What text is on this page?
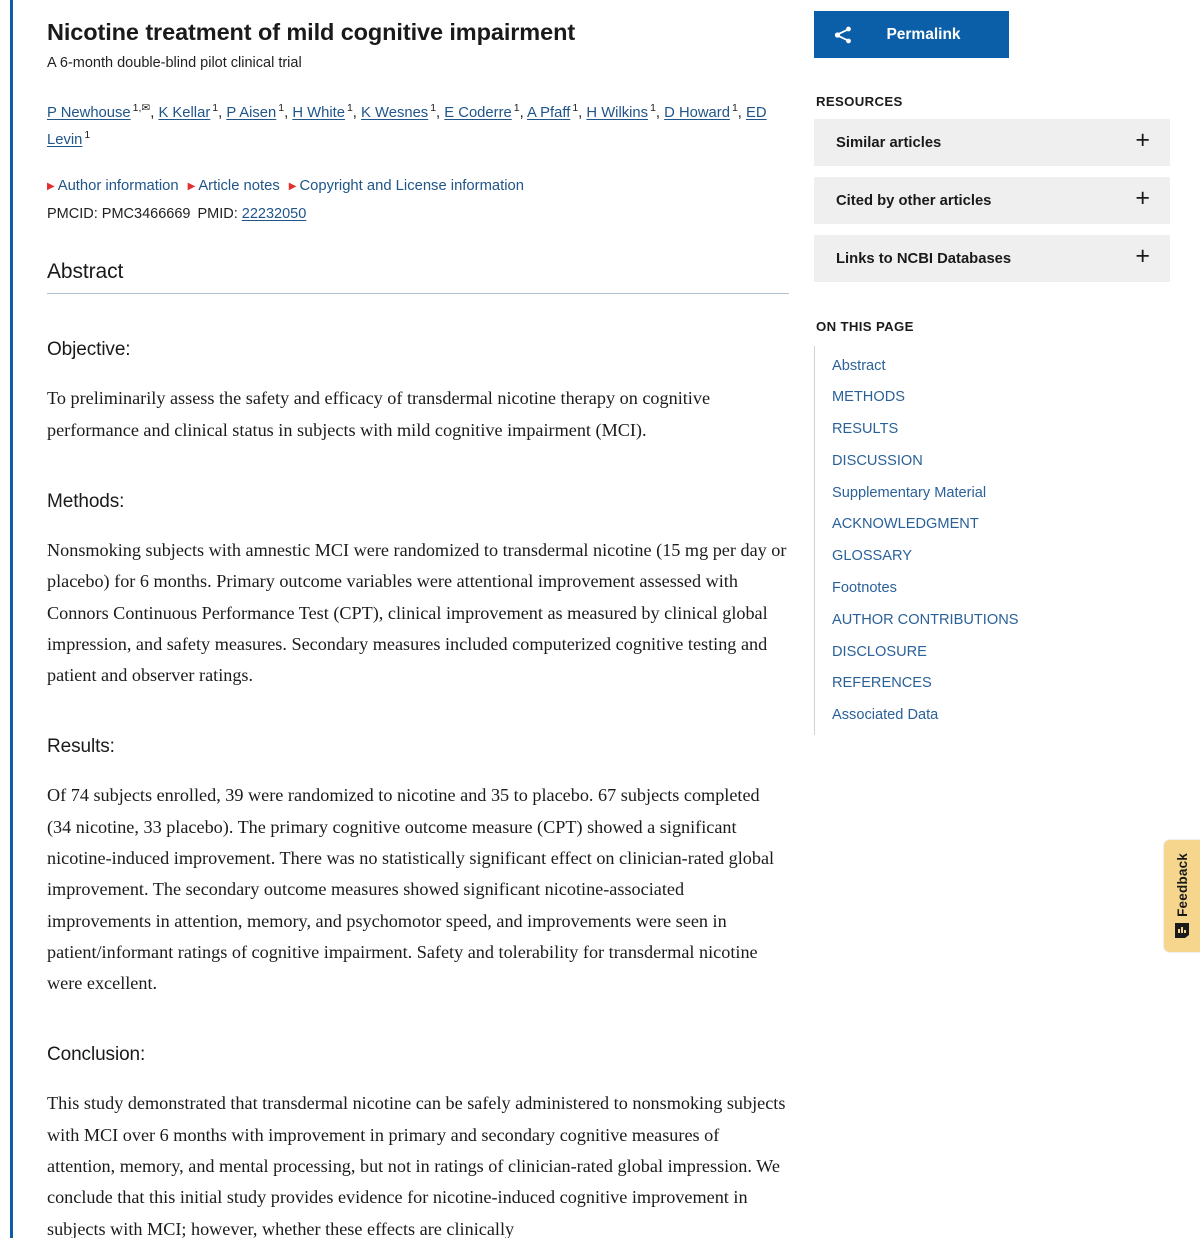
Nicotine treatment of mild cognitive impairment
A 6-month double-blind pilot clinical trial
P Newhouse $^{1,✉}$, K Kellar $^1$, P Aisen $^1$, H White $^1$, K Wesnes $^1$, E Coderre $^1$, A Pfaff $^1$, H Wilkins $^1$, D Howard $^1$, ED Levin $^1$
▶ Author information ▶ Article notes ▶ Copyright and License information
PMCID: PMC3466669 PMID: 22232050
Abstract
Objective:

To preliminarily assess the safety and efficacy of transdermal nicotine therapy on cognitive performance and clinical status in subjects with mild cognitive impairment (MCI).

Methods:

Nonsmoking subjects with amnestic MCI were randomized to transdermal nicotine (15 mg per day or placebo) for 6 months. Primary outcome variables were attentional improvement assessed with Connors Continuous Performance Test (CPT), clinical improvement as measured by clinical global impression, and safety measures. Secondary measures included computerized cognitive testing and patient and observer ratings.

Results:

Of 74 subjects enrolled, 39 were randomized to nicotine and 35 to placebo. 67 subjects completed (34 nicotine, 33 placebo). The primary cognitive outcome measure (CPT) showed a significant nicotine-induced improvement. There was no statistically significant effect on clinician-rated global improvement. The secondary outcome measures showed significant nicotine-associated improvements in attention, memory, and psychomotor speed, and improvements were seen in patient/informant ratings of cognitive impairment. Safety and tolerability for transdermal nicotine were excellent.

Conclusion:

This study demonstrated that transdermal nicotine can be safely administered to nonsmoking subjects with MCI over 6 months with improvement in primary and secondary cognitive measures of attention, memory, and mental processing, but not in ratings of clinician-rated global impression. We conclude that this initial study provides evidence for nicotine-induced cognitive improvement in subjects with MCI; however, whether these effects are clinically

Permalink
RESOURCES
Similar articles	+
Cited by other articles	+
Links to NCBI Databases	+
ON THIS PAGE
Abstract
METHODS
RESULTS
DISCUSSION
Supplementary Material
ACKNOWLEDGMENT
GLOSSARY
Footnotes
AUTHOR CONTRIBUTIONS
DISCLOSURE
REFERENCES
Associated Data
Feedback
